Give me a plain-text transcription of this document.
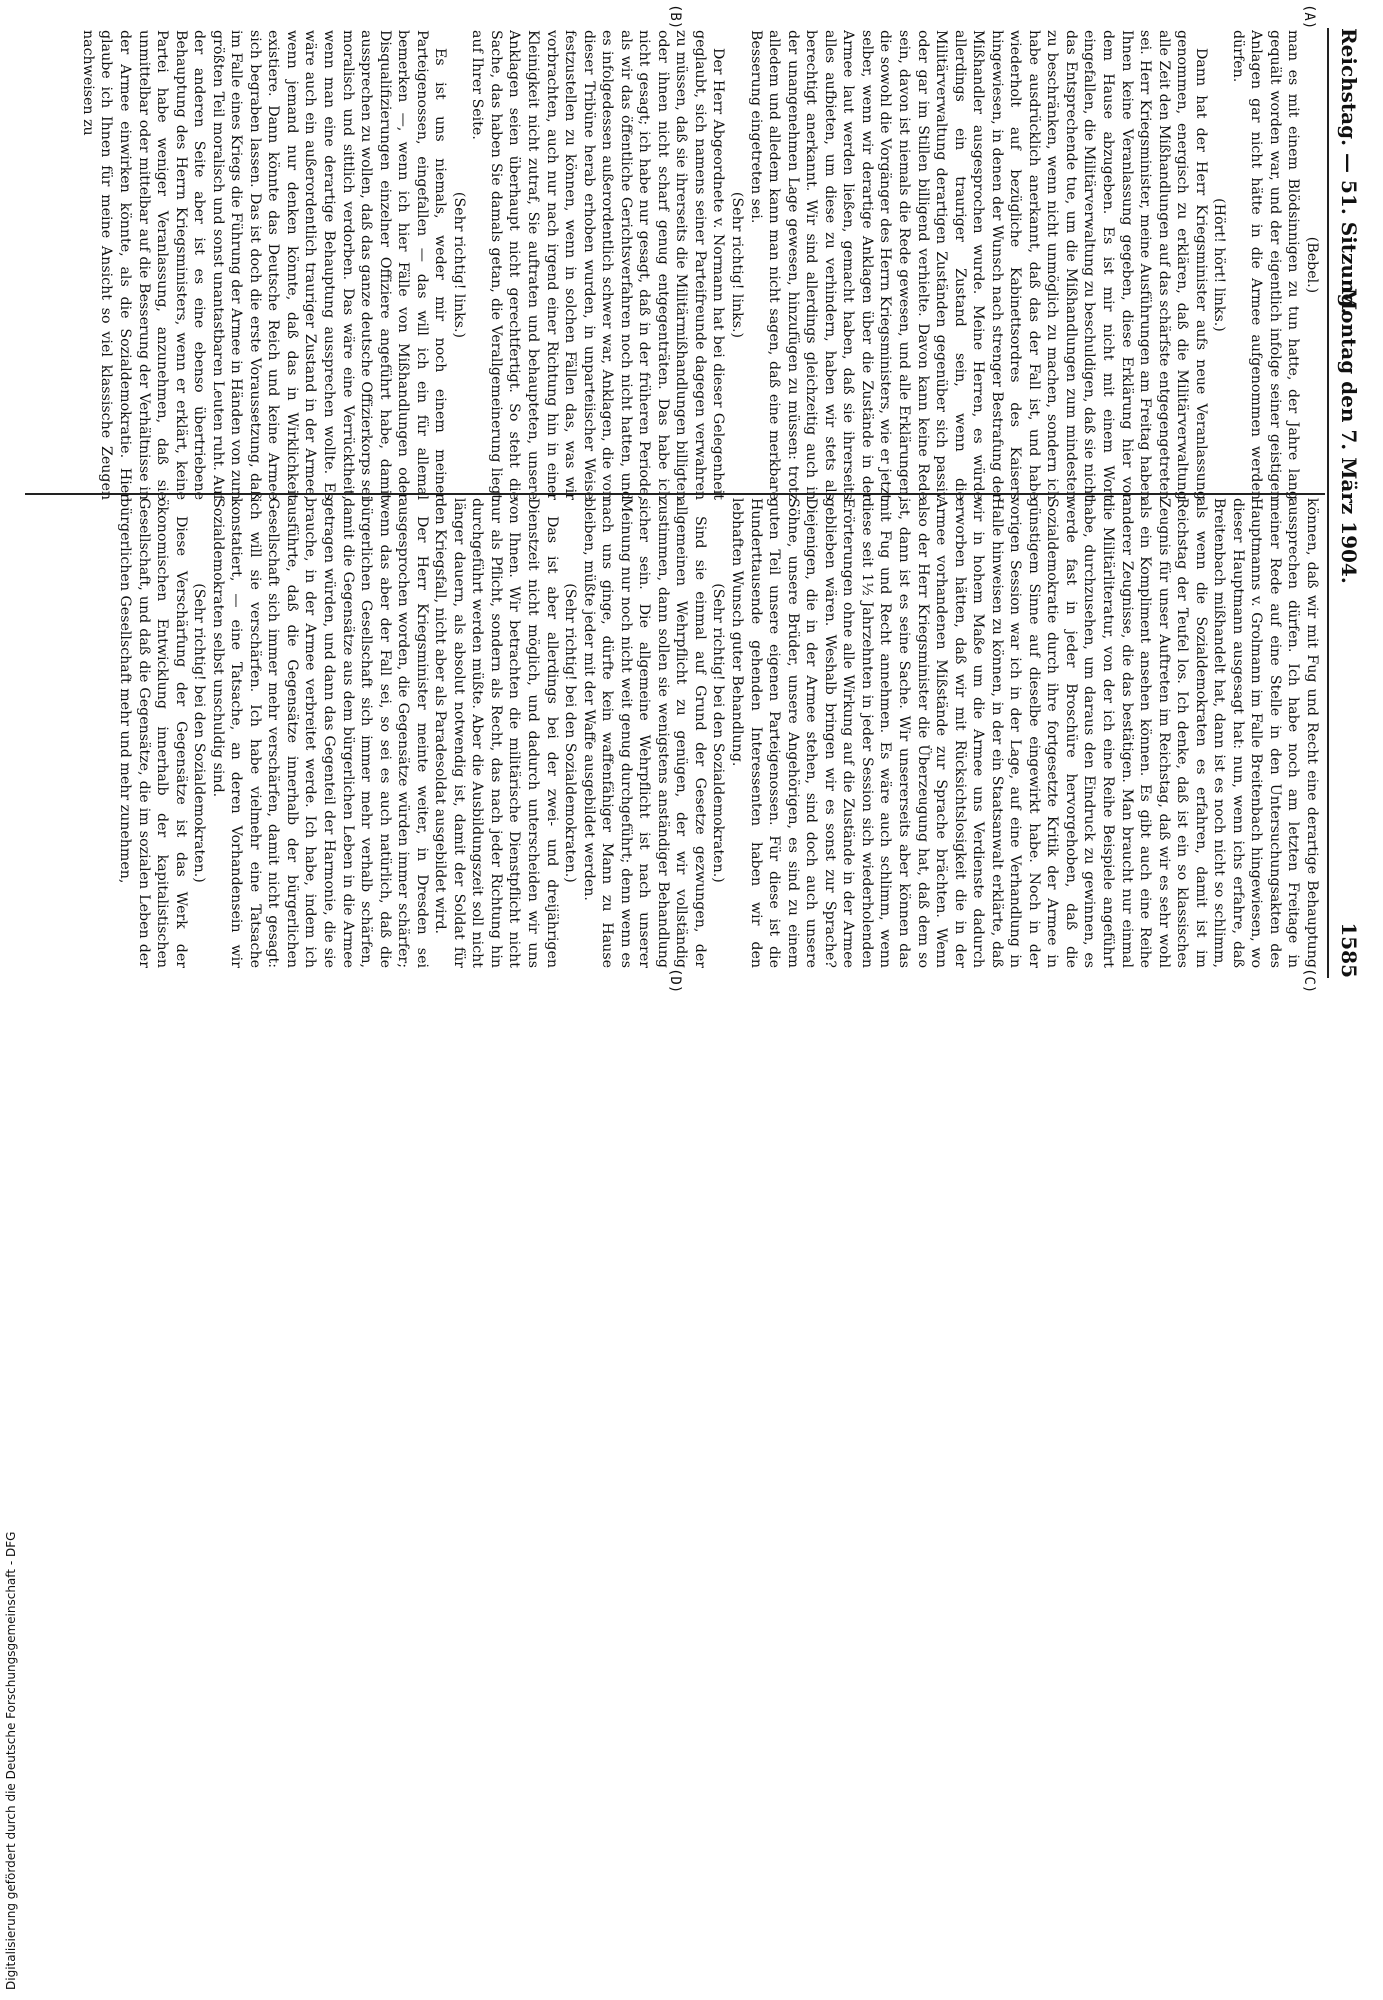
Reichstag. — 51. Sitzung.
Montag den 7. März 1904.
1585
(A)
(B)
(C)
(D)

(Bebel.)

man es mit einem Blödsinnigen zu tun hatte, der Jahre lang gequält worden war, und der eigentlich infolge seiner geistigen Anlagen gar nicht hätte in die Armee aufgenommen werden dürfen.

(Hört! hört! links.)

Dann hat der Herr Kriegsminister aufs neue Veranlassung genommen, energisch zu erklären, daß die Militärverwaltung alle Zeit den Mißhandlungen auf das schärfste entgegengetreten sei. Herr Kriegsminister, meine Ausführungen am Freitag haben Ihnen keine Veranlassung gegeben, diese Erklärung hier vor dem Hause abzugeben. Es ist mir nicht mit einem Wort eingefallen, die Militärverwaltung zu beschuldigen, daß sie nicht das Entsprechende tue, um die Mißhandlungen zum mindesten zu beschränken, wenn nicht unmöglich zu machen, sondern ich habe ausdrücklich anerkannt, daß das der Fall ist, und habe wiederholt auf bezügliche Kabinettsordres des Kaisers hingewiesen, in denen der Wunsch nach strenger Bestrafung der Mißhandler ausgesprochen wurde. Meine Herren, es würde allerdings ein trauriger Zustand sein, wenn die Militärverwaltung derartigen Zuständen gegenüber sich passiv oder gar im Stillen billigend verhielte. Davon kann keine Rede sein, davon ist niemals die Rede gewesen, und alle Erklärungen, die sowohl die Vorgänger des Herrn Kriegsministers, wie er jetzt selber, wenn wir derartige Anklagen über die Zustände in der Armee laut werden ließen, gemacht haben, daß sie ihrerseits alles aufbieten, um diese zu verhindern, haben wir stets als berechtigt anerkannt. Wir sind allerdings gleichzeitig auch in der unangenehmen Lage gewesen, hinzufügen zu müssen: trotz alledem und alledem kann man nicht sagen, daß eine merkbare Besserung eingetreten sei.

(Sehr richtig! links.)

Der Herr Abgeordnete v. Normann hat bei dieser Gelegenheit geglaubt, sich namens seiner Parteifreunde dagegen verwahren zu müssen, daß sie ihrerseits die Militärmißhandlungen billigten oder ihnen nicht scharf genug entgegenträten. Das habe ich nicht gesagt; ich habe nur gesagt, daß in der früheren Periode, als wir das öffentliche Gerichtsverfahren noch nicht hatten, und es infolgedessen außerordentlich schwer war, Anklagen, die von dieser Tribüne herab erhoben wurden, in unparteiischer Weise festzustellen zu können, wenn in solchen Fällen das, was wir vorbrachten, auch nur nach irgend einer Richtung hin in einer Kleinigkeit nicht zutraf, Sie auftraten und behaupteten, unsere Anklagen seien überhaupt nicht gerechtfertigt. So steht die Sache, das haben Sie damals getan, die Verallgemeinerung liegt auf Ihrer Seite.

(Sehr richtig! links.)

Es ist uns niemals, weder mir noch einem meiner Parteigenossen, eingefallen — das will ich ein für allemal bemerken —, wenn ich hier Fälle von Mißhandlungen oder Disqualifizierungen einzelner Offiziere angeführt habe, damit aussprechen zu wollen, daß das ganze deutsche Offizierkorps sei moralisch und sittlich verdorben. Das wäre eine Verrücktheit, wenn man eine derartige Behauptung aussprechen wollte. Es wäre auch ein außerordentlich trauriger Zustand in der Armee, wenn jemand nur denken könnte, daß das in Wirklichkeit existiere. Dann könnte das Deutsche Reich und keine Armee sich begraben lassen. Das ist doch die erste Voraussetzung, daß im Falle eines Kriegs die Führung der Armee in Händen von zum größten Teil moralisch und sonst unantastbaren Leuten ruht. Auf der anderen Seite aber ist es eine ebenso übertriebene Behauptung des Herrn Kriegsministers, wenn er erklärt, keine Partei habe weniger Veranlassung, anzunehmen, daß sie unmittelbar oder mittelbar auf die Besserung der Verhältnisse in der Armee einwirken könnte, als die Sozialdemokratie. Hier glaube ich Ihnen für meine Ansicht so viel klassische Zeugen nachweisen zu

können, daß wir mit Fug und Recht eine derartige Behauptung aussprechen dürfen. Ich habe noch am letzten Freitage in meiner Rede auf eine Stelle in den Untersuchungsakten des Hauptmanns v. Grolmann im Falle Breitenbach hingewiesen, wo dieser Hauptmann ausgesagt hat: nun, wenn ichs erfahre, daß Breitenbach mißhandelt hat, dann ist es noch nicht so schlimm, als wenn die Sozialdemokraten es erfahren, damit ist im Reichstag der Teufel los. Ich denke, daß ist ein so klassisches Zeugnis für unser Auftreten im Reichstag, daß wir es sehr wohl als ein Kompliment ansehen können. Es gibt auch eine Reihe anderer Zeugnisse, die das bestätigen. Man braucht nur einmal die Militärliteratur, von der ich eine Reihe Beispiele angeführt habe, durchzusehen, um daraus den Eindruck zu gewinnen, es werde fast in jeder Broschüre hervorgehoben, daß die Sozialdemokratie durch ihre fortgesetzte Kritik der Armee in günstigem Sinne auf dieselbe eingewirkt habe. Noch in der vorigen Session war ich in der Lage, auf eine Verhandlung in Halle hinweisen zu können, in der ein Staatsanwalt erklärte, daß wir in hohem Maße um die Armee uns Verdienste dadurch erworben hätten, daß wir mit Rücksichtslosigkeit die in der Armee vorhandenen Mißstände zur Sprache brächten. Wenn also der Herr Kriegsminister die Überzeugung hat, daß dem so ist, dann ist es seine Sache. Wir unsererseits aber können das mit Fug und Recht annehmen. Es wäre auch schlimm, wenn diese seit 1½ Jahrzehnten in jeder Session sich wiederholenden Erörterungen ohne alle Wirkung auf die Zustände in der Armee geblieben wären. Weshalb bringen wir es sonst zur Sprache? Diejenigen, die in der Armee stehen, sind doch auch unsere Söhne, unsere Brüder, unsere Angehörigen, es sind zu einem guten Teil unsere eigenen Parteigenossen. Für diese ist die Hunderttausende gehenden Interessenten haben wir den lebhaften Wunsch guter Behandlung.

(Sehr richtig! bei den Sozialdemokraten.)

Sind sie einmal auf Grund der Gesetze gezwungen, der allgemeinen Wehrpflicht zu genügen, der wir vollständig zustimmen, dann sollen sie wenigstens anständiger Behandlung sicher sein. Die allgemeine Wehrpflicht ist nach unserer Meinung nur noch nicht weit genug durchgeführt; denn wenn es nach uns ginge, dürfte kein waffenfähiger Mann zu Hause bleiben, müßte jeder mit der Waffe ausgebildet werden.

(Sehr richtig! bei den Sozialdemokraten.)

Das ist aber allerdings bei der zwei- und dreijährigen Dienstzeit nicht möglich, und dadurch unterscheiden wir uns von Ihnen. Wir betrachten die militärische Dienstpflicht nicht nur als Pflicht, sondern als Recht, das nach jeder Richtung hin durchgeführt werden müßte. Aber die Ausbildungszeit soll nicht länger dauern, als absolut notwendig ist, damit der Soldat für den Kriegsfall, nicht aber als Paradesoldat ausgebildet wird.

Der Herr Kriegsminister meinte weiter, in Dresden sei ausgesprochen worden, die Gegensätze würden immer schärfer; wenn das aber der Fall sei, so sei es auch natürlich, daß die bürgerlichen Gesellschaft sich immer mehr verhalb schärfen, damit die Gegensätze aus dem bürgerlichen Leben in die Armee getragen würden, und dann das Gegenteil der Harmonie, die sie brauche, in der Armee verbreitet werde. Ich habe, indem ich ausführte, daß die Gegensätze innerhalb der bürgerlichen Gesellschaft sich immer mehr verschärfen, damit nicht gesagt: ich will sie verschärfen. Ich habe vielmehr eine Tatsache konstatiert, — eine Tatsache, an deren Vorhandensein wir Sozialdemokraten selbst unschuldig sind.

(Sehr richtig! bei den Sozialdemokraten.)

Diese Verschärfung der Gegensätze ist das Werk der ökonomischen Entwicklung innerhalb der kapitalistischen Gesellschaft, und daß die Gegensätze, die im sozialen Leben der bürgerlichen Gesellschaft mehr und mehr zunehmen,

Digitalisierung gefördert durch die Deutsche Forschungsgemeinschaft - DFG
